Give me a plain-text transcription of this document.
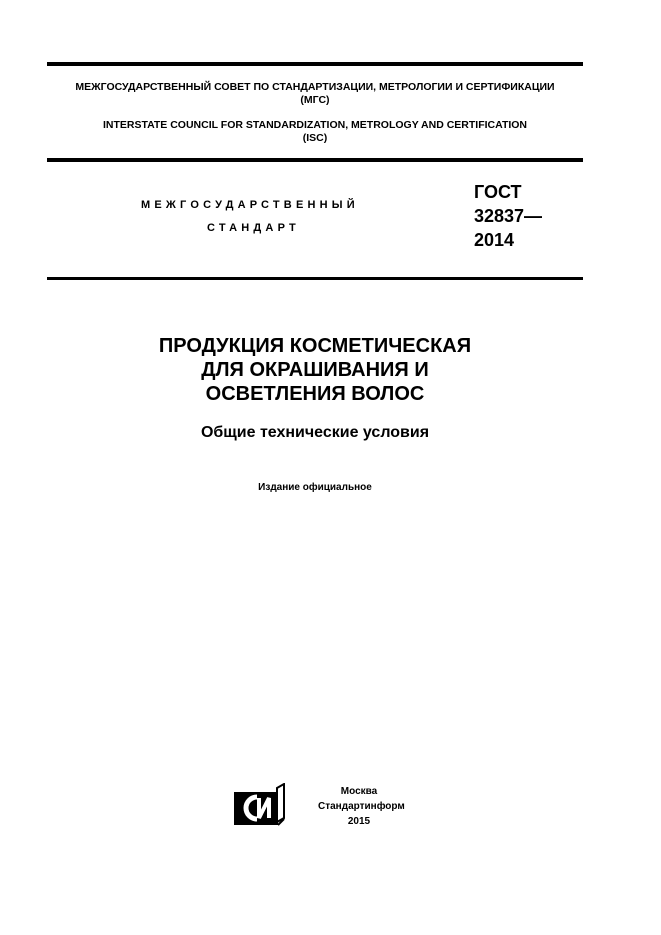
МЕЖГОСУДАРСТВЕННЫЙ СОВЕТ ПО СТАНДАРТИЗАЦИИ, МЕТРОЛОГИИ И СЕРТИФИКАЦИИ
(МГС)
INTERSTATE COUNCIL FOR STANDARDIZATION, METROLOGY AND CERTIFICATION
(ISC)
МЕЖГОСУДАРСТВЕННЫЙ
СТАНДАРТ
ГОСТ
32837—
2014
ПРОДУКЦИЯ КОСМЕТИЧЕСКАЯ
ДЛЯ ОКРАШИВАНИЯ И
ОСВЕТЛЕНИЯ ВОЛОС
Общие технические условия
Издание официальное
Москва
Стандартинформ
2015
